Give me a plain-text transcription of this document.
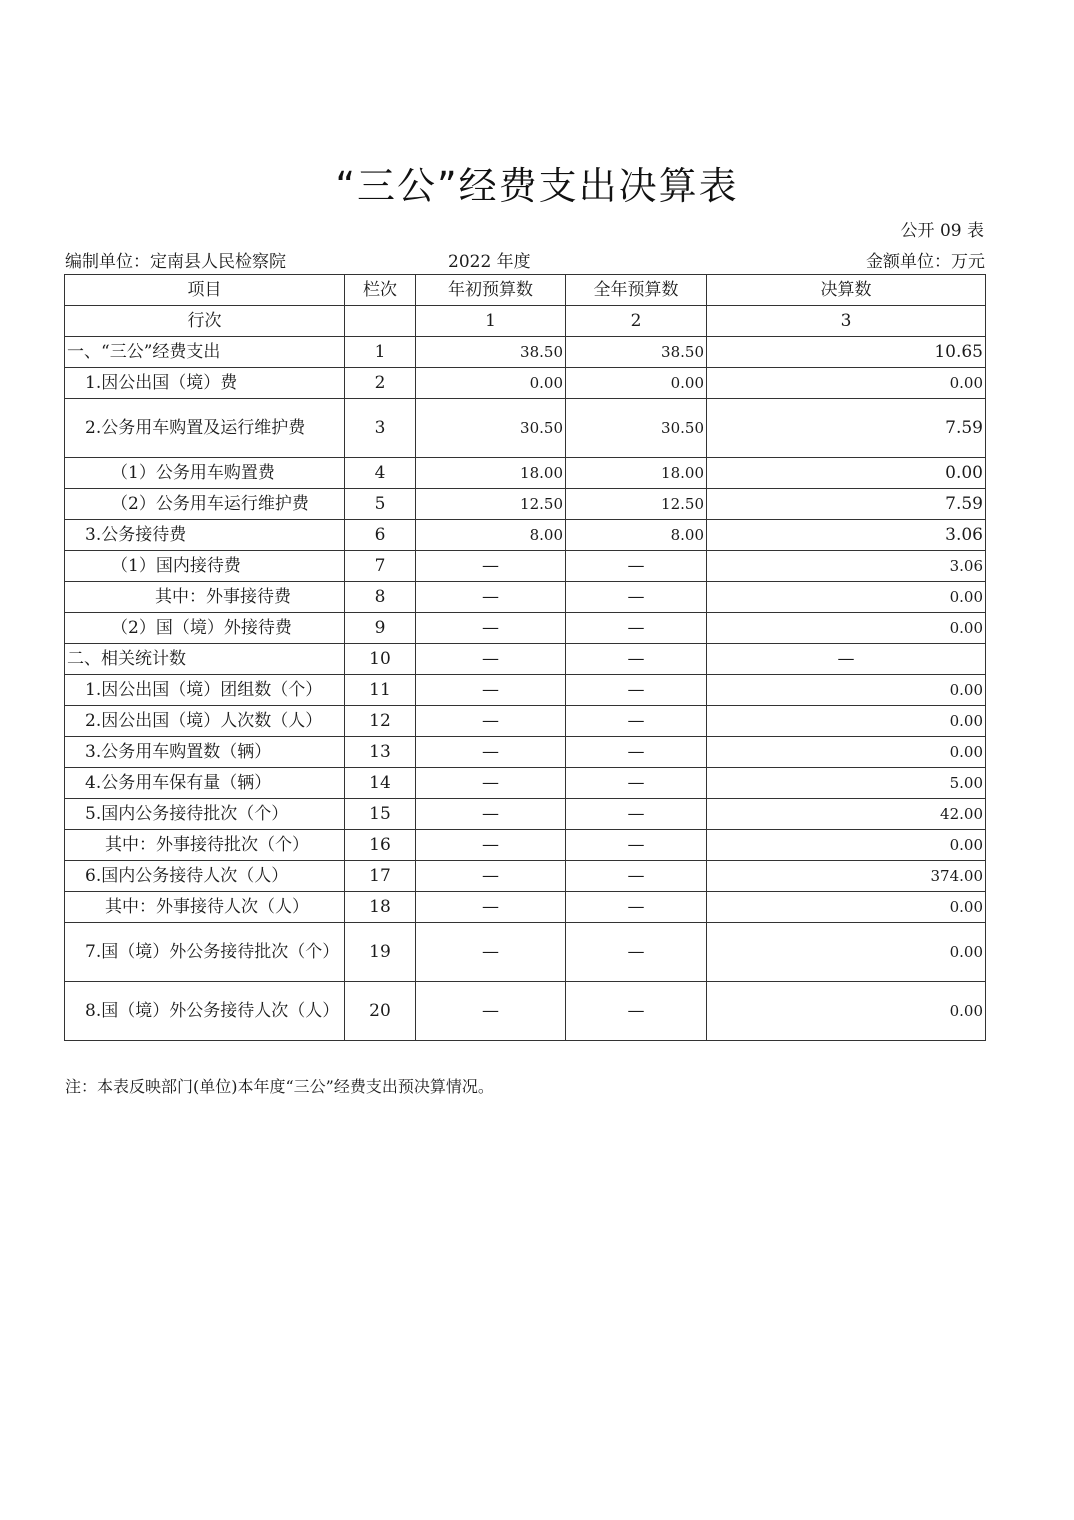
“三公”经费支出决算表
公开 09 表
编制单位：定南县人民检察院	2022 年度	金额单位：万元
项目	栏次	年初预算数	全年预算数	决算数
行次		1	2	3
一、“三公”经费支出	1	38.50	38.50	10.65
1.因公出国（境）费	2	0.00	0.00	0.00
2.公务用车购置及运行维护费	3	30.50	30.50	7.59
（1）公务用车购置费	4	18.00	18.00	0.00
（2）公务用车运行维护费	5	12.50	12.50	7.59
3.公务接待费	6	8.00	8.00	3.06
（1）国内接待费	7	—	—	3.06
其中：外事接待费	8	—	—	0.00
（2）国（境）外接待费	9	—	—	0.00
二、相关统计数	10	—	—	—
1.因公出国（境）团组数（个）	11	—	—	0.00
2.因公出国（境）人次数（人）	12	—	—	0.00
3.公务用车购置数（辆）	13	—	—	0.00
4.公务用车保有量（辆）	14	—	—	5.00
5.国内公务接待批次（个）	15	—	—	42.00
其中：外事接待批次（个）	16	—	—	0.00
6.国内公务接待人次（人）	17	—	—	374.00
其中：外事接待人次（人）	18	—	—	0.00
7.国（境）外公务接待批次（个）	19	—	—	0.00
8.国（境）外公务接待人次（人）	20	—	—	0.00
注：本表反映部门(单位)本年度“三公”经费支出预决算情况。
